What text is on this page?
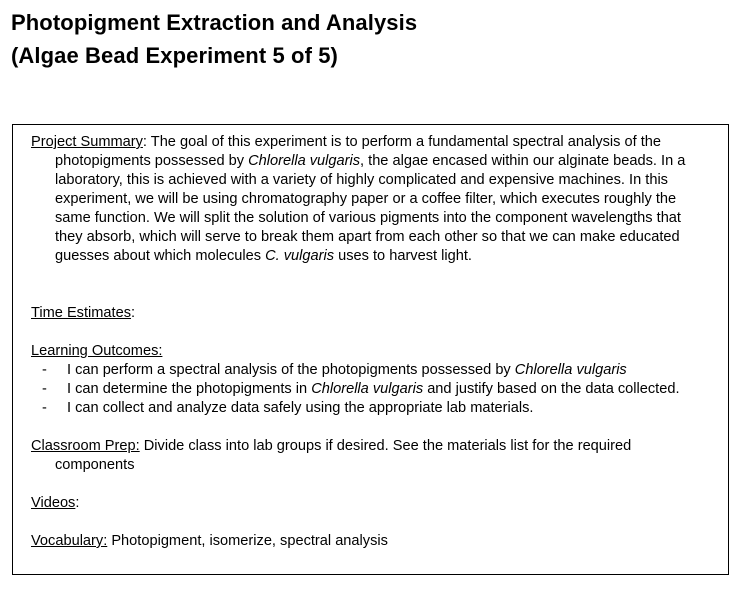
Photopigment Extraction and Analysis
(Algae Bead Experiment 5 of 5)

Project Summary: The goal of this experiment is to perform a fundamental spectral analysis of the photopigments possessed by Chlorella vulgaris, the algae encased within our alginate beads. In a laboratory, this is achieved with a variety of highly complicated and expensive machines. In this experiment, we will be using chromatography paper or a coffee filter, which executes roughly the same function. We will split the solution of various pigments into the component wavelengths that they absorb, which will serve to break them apart from each other so that we can make educated guesses about which molecules C. vulgaris uses to harvest light.

Time Estimates:

Learning Outcomes:

- I can perform a spectral analysis of the photopigments possessed by Chlorella vulgaris
- I can determine the photopigments in Chlorella vulgaris and justify based on the data collected.
- I can collect and analyze data safely using the appropriate lab materials.

Classroom Prep: Divide class into lab groups if desired. See the materials list for the required components

Videos:

Vocabulary: Photopigment, isomerize, spectral analysis
